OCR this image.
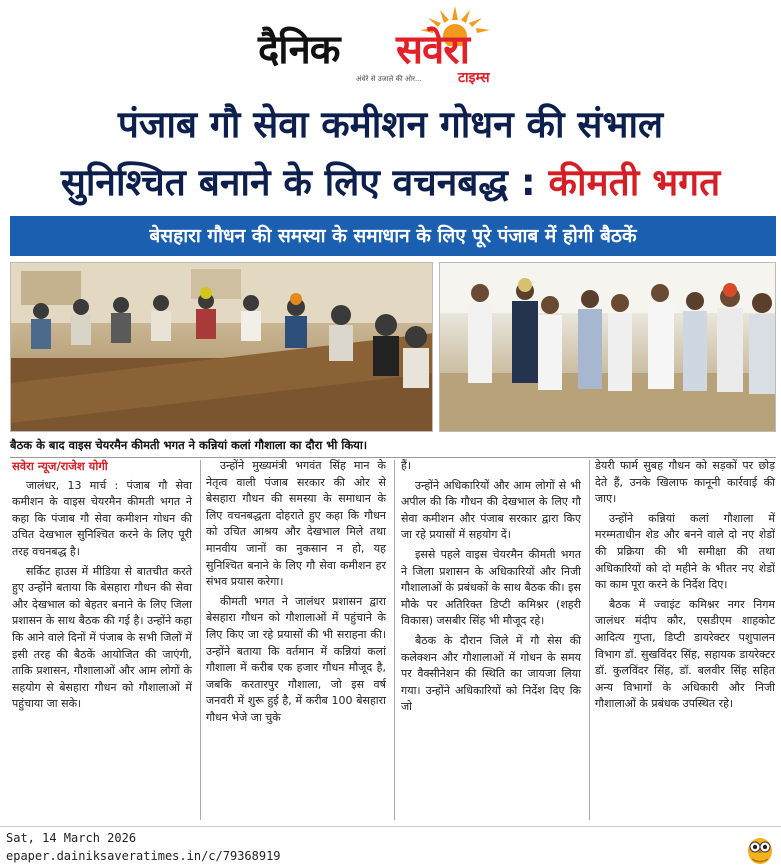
दैनिक सवेरा
अंधेरे से उजाले की ओर...	टाइम्स
पंजाब गौ सेवा कमीशन गोधन की संभाल
सुनिश्चित बनाने के लिए वचनबद्ध : कीमती भगत
बेसहारा गौधन की समस्या के समाधान के लिए पूरे पंजाब में होगी बैठकें
बैठक के बाद वाइस चेयरमैन कीमती भगत ने कन्नियां कलां गौशाला का दौरा भी किया।

सवेरा न्यूज/राजेश योगी

जालंधर, 13 मार्च : पंजाब गौ सेवा कमीशन के वाइस चेयरमैन कीमती भगत ने कहा कि पंजाब गौ सेवा कमीशन गोधन की उचित देखभाल सुनिश्चित करने के लिए पूरी तरह वचनबद्ध है।

सर्किट हाउस में मीडिया से बातचीत करते हुए उन्होंने बताया कि बेसहारा गौधन की सेवा और देखभाल को बेहतर बनाने के लिए जिला प्रशासन के साथ बैठक की गई है। उन्होंने कहा कि आने वाले दिनों में पंजाब के सभी जिलों में इसी तरह की बैठकें आयोजित की जाएंगी, ताकि प्रशासन, गौशालाओं और आम लोगों के सहयोग से बेसहारा गौधन को गौशालाओं में पहुंचाया जा सके।

उन्होंने मुख्यमंत्री भगवंत सिंह मान के नेतृत्व वाली पंजाब सरकार की ओर से बेसहारा गौधन की समस्या के समाधान के लिए वचनबद्धता दोहराते हुए कहा कि गौधन को उचित आश्रय और देखभाल मिले तथा मानवीय जानों का नुकसान न हो, यह सुनिश्चित बनाने के लिए गौ सेवा कमीशन हर संभव प्रयास करेगा।

कीमती भगत ने जालंधर प्रशासन द्वारा बेसहारा गौधन को गौशालाओं में पहुंचाने के लिए किए जा रहे प्रयासों की भी सराहना की। उन्होंने बताया कि वर्तमान में कन्नियां कलां गौशाला में करीब एक हजार गौधन मौजूद है, जबकि करतारपुर गौशाला, जो इस वर्ष जनवरी में शुरू हुई है, में करीब 100 बेसहारा गौधन भेजे जा चुके

हैं।

उन्होंने अधिकारियों और आम लोगों से भी अपील की कि गौधन की देखभाल के लिए गौ सेवा कमीशन और पंजाब सरकार द्वारा किए जा रहे प्रयासों में सहयोग दें।

इससे पहले वाइस चेयरमैन कीमती भगत ने जिला प्रशासन के अधिकारियों और निजी गौशालाओं के प्रबंधकों के साथ बैठक की। इस मौके पर अतिरिक्त डिप्टी कमिश्नर (शहरी विकास) जसबीर सिंह भी मौजूद रहे।

बैठक के दौरान जिले में गौ सेस की कलेक्शन और गौशालाओं में गोधन के समय पर वैक्सीनेशन की स्थिति का जायजा लिया गया। उन्होंने अधिकारियों को निर्देश दिए कि जो

डेयरी फार्म सुबह गौधन को सड़कों पर छोड़ देते हैं, उनके खिलाफ कानूनी कार्रवाई की जाए।

उन्होंने कन्नियां कलां गौशाला में मरम्मताधीन शेड और बनने वाले दो नए शेडों की प्रक्रिया की भी समीक्षा की तथा अधिकारियों को दो महीने के भीतर नए शेडों का काम पूरा करने के निर्देश दिए।

बैठक में ज्वाइंट कमिश्नर नगर निगम जालंधर मंदीप कौर, एसडीएम शाहकोट आदित्य गुप्ता, डिप्टी डायरेक्टर पशुपालन विभाग डॉ. सुखविंदर सिंह, सहायक डायरेक्टर डॉ. कुलविंदर सिंह, डॉ. बलवीर सिंह सहित अन्य विभागों के अधिकारी और निजी गौशालाओं के प्रबंधक उपस्थित रहे।

Sat, 14 March 2026
epaper.dainiksaveratimes.in/c/79368919
